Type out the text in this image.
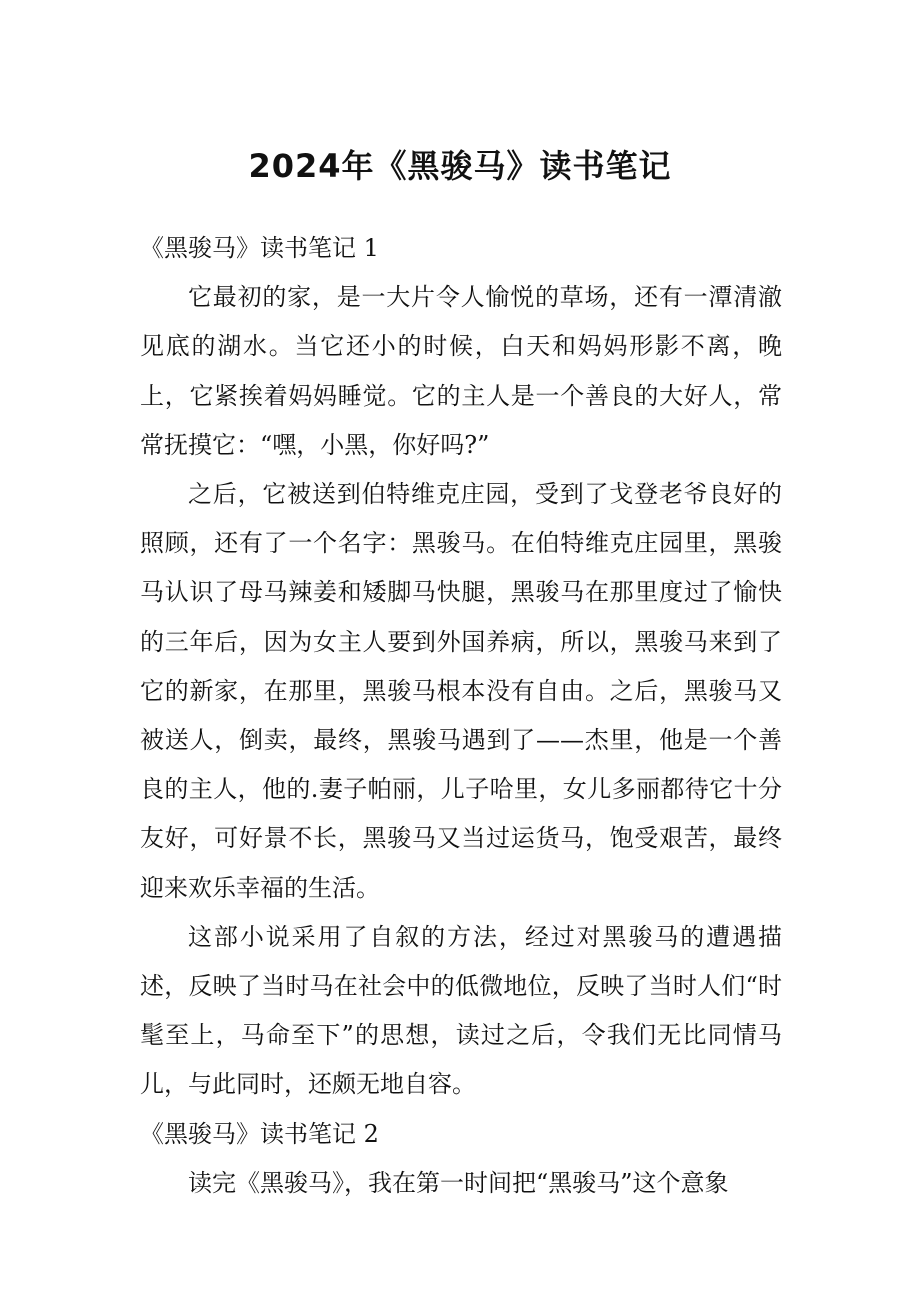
2024年《黑骏马》读书笔记

《黑骏马》读书笔记 1

它最初的家，是一大片令人愉悦的草场，还有一潭清澈见底的湖水。当它还小的时候，白天和妈妈形影不离，晚上，它紧挨着妈妈睡觉。它的主人是一个善良的大好人，常常抚摸它：“嘿，小黑，你好吗?”

之后，它被送到伯特维克庄园，受到了戈登老爷良好的照顾，还有了一个名字：黑骏马。在伯特维克庄园里，黑骏马认识了母马辣姜和矮脚马快腿，黑骏马在那里度过了愉快的三年后，因为女主人要到外国养病，所以，黑骏马来到了它的新家，在那里，黑骏马根本没有自由。之后，黑骏马又被送人，倒卖，最终，黑骏马遇到了——杰里，他是一个善良的主人，他的.妻子帕丽，儿子哈里，女儿多丽都待它十分友好，可好景不长，黑骏马又当过运货马，饱受艰苦，最终迎来欢乐幸福的生活。

这部小说采用了自叙的方法，经过对黑骏马的遭遇描述，反映了当时马在社会中的低微地位，反映了当时人们“时髦至上，马命至下”的思想，读过之后，令我们无比同情马儿，与此同时，还颇无地自容。

《黑骏马》读书笔记 2

读完《黑骏马》，我在第一时间把“黑骏马”这个意象
